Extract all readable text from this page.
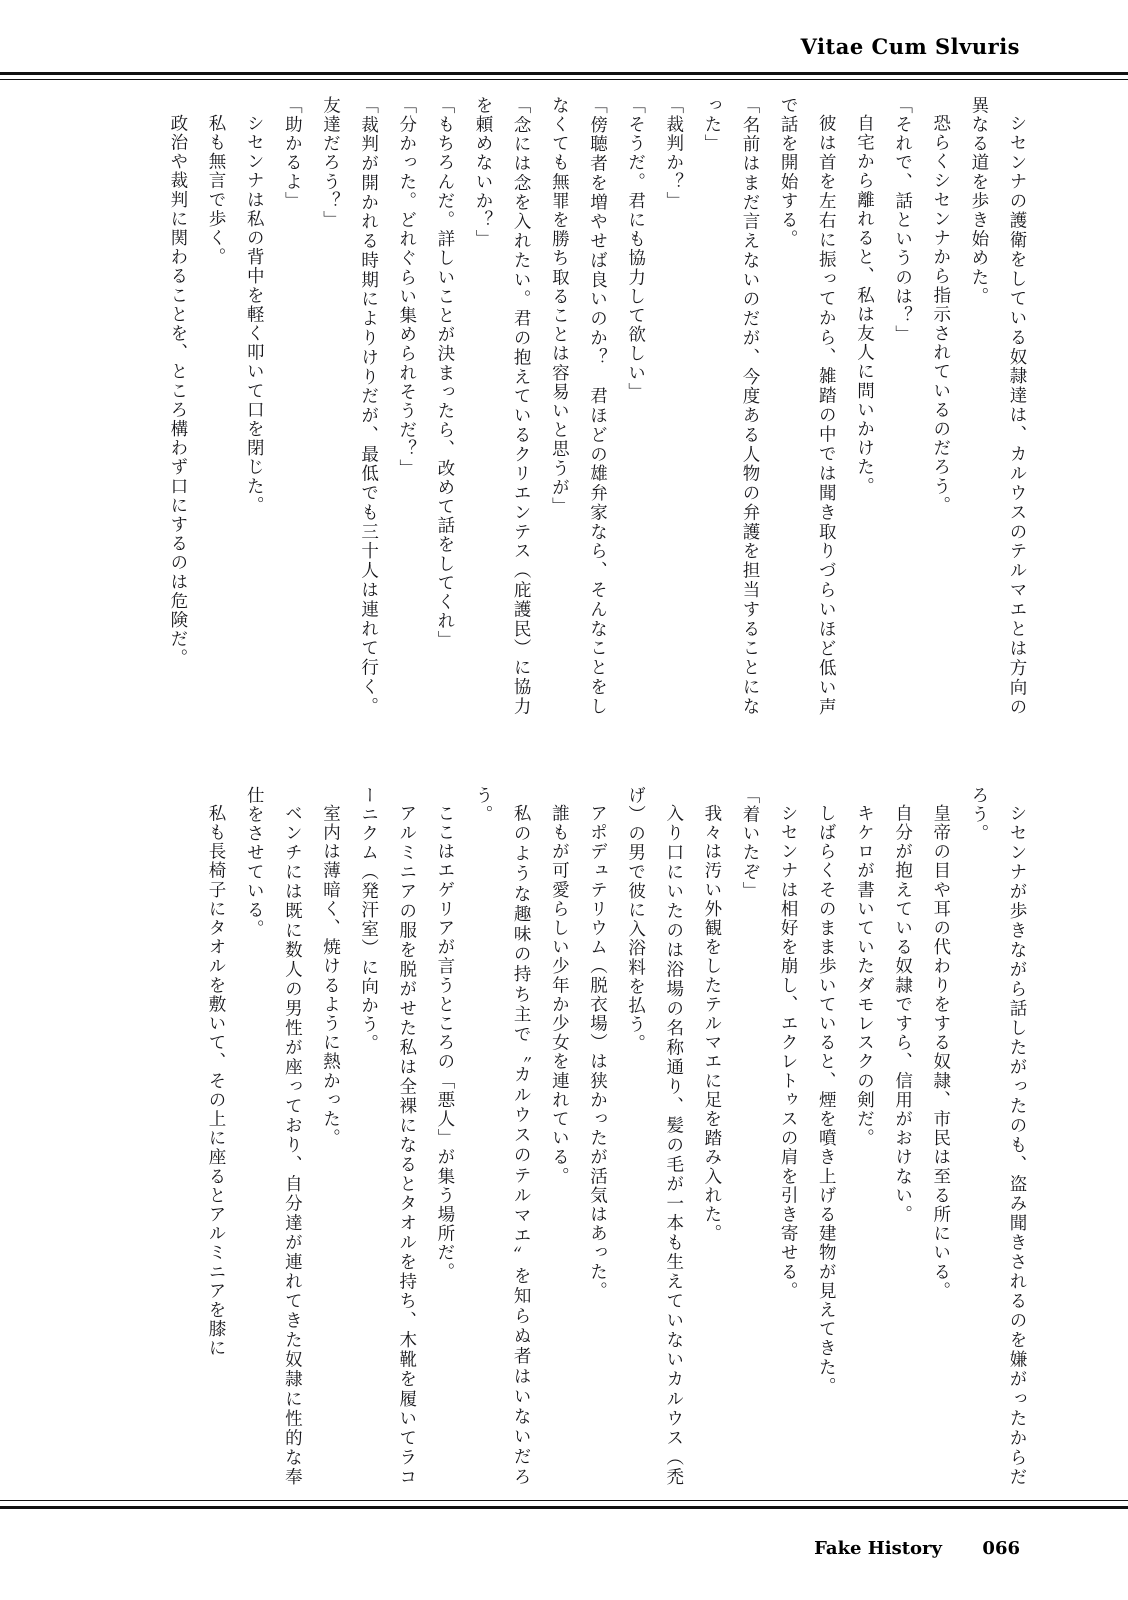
Vitae Cum Slvuris

シセンナの護衛をしている奴隷達は、カルウスのテルマエとは方向の異なる道を歩き始めた。

恐らくシセンナから指示されているのだろう。

「それで、話というのは？」

自宅から離れると、私は友人に問いかけた。

彼は首を左右に振ってから、雑踏の中では聞き取りづらいほど低い声で話を開始する。

「名前はまだ言えないのだが、今度ある人物の弁護を担当することになった」

「裁判か？」

「そうだ。君にも協力して欲しい」

「傍聴者を増やせば良いのか？　君ほどの雄弁家なら、そんなことをしなくても無罪を勝ち取ることは容易いと思うが」

「念には念を入れたい。君の抱えているクリエンテス（庇護民）に協力を頼めないか？」

「もちろんだ。詳しいことが決まったら、改めて話をしてくれ」

「分かった。どれぐらい集められそうだ？」

「裁判が開かれる時期によりけりだが、最低でも三十人は連れて行く。友達だろう？」

「助かるよ」

シセンナは私の背中を軽く叩いて口を閉じた。

私も無言で歩く。

政治や裁判に関わることを、ところ構わず口にするのは危険だ。

シセンナが歩きながら話したがったのも、盗み聞きされるのを嫌がったからだろう。

皇帝の目や耳の代わりをする奴隷、市民は至る所にいる。

自分が抱えている奴隷ですら、信用がおけない。

キケロが書いていたダモレスクの剣だ。

しばらくそのまま歩いていると、煙を噴き上げる建物が見えてきた。

シセンナは相好を崩し、エクレトゥスの肩を引き寄せる。

「着いたぞ」

我々は汚い外観をしたテルマエに足を踏み入れた。

入り口にいたのは浴場の名称通り、髪の毛が一本も生えていないカルウス（禿げ）の男で彼に入浴料を払う。

アポデュテリウム（脱衣場）は狭かったが活気はあった。

誰もが可愛らしい少年か少女を連れている。

私のような趣味の持ち主で〝カルウスのテルマエ〟を知らぬ者はいないだろう。

ここはエゲリアが言うところの「悪人」が集う場所だ。

アルミニアの服を脱がせた私は全裸になるとタオルを持ち、木靴を履いてラコーニクム（発汗室）に向かう。

室内は薄暗く、焼けるように熱かった。

ベンチには既に数人の男性が座っており、自分達が連れてきた奴隷に性的な奉仕をさせている。

私も長椅子にタオルを敷いて、その上に座るとアルミニアを膝に

Fake History 066
